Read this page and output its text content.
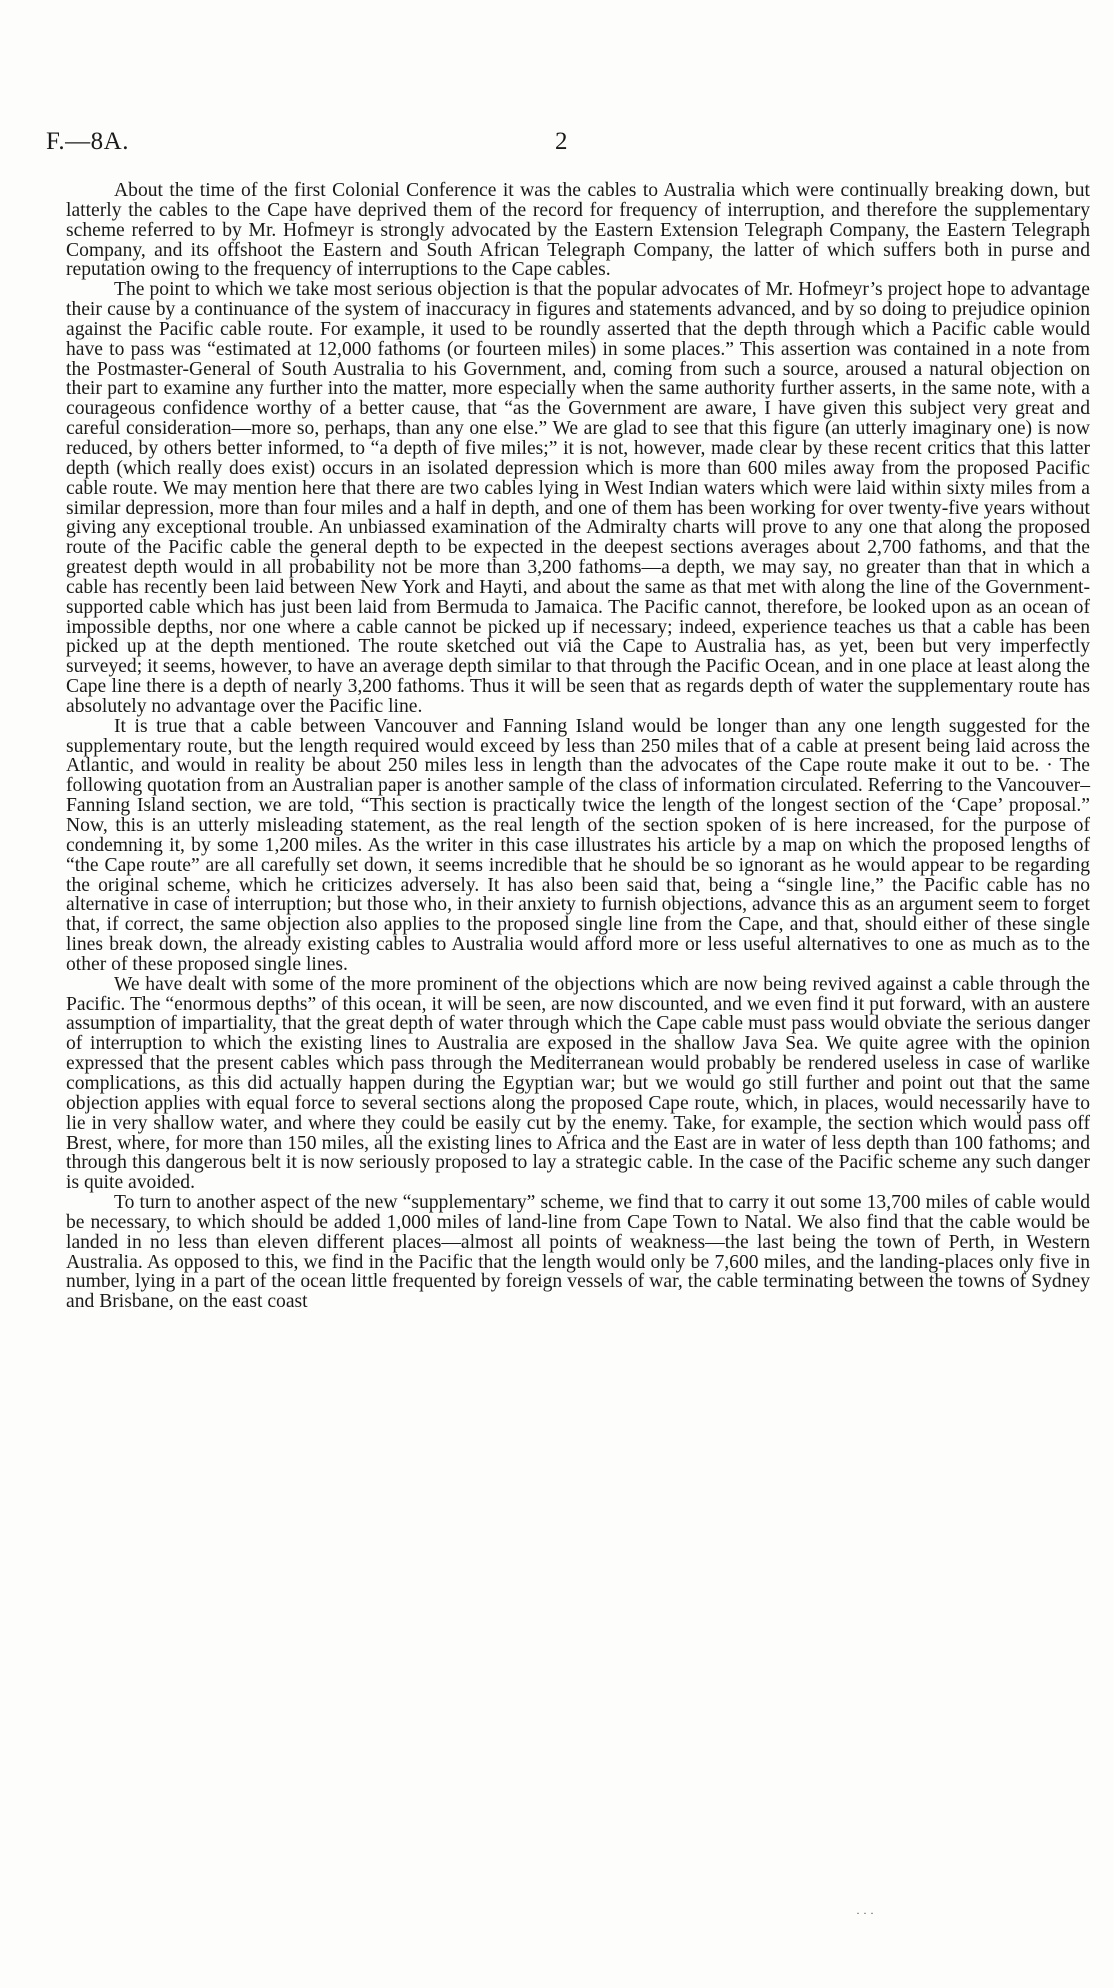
F.—8A.	2

About the time of the first Colonial Conference it was the cables to Australia which were continually breaking down, but latterly the cables to the Cape have deprived them of the record for frequency of interruption, and therefore the supplementary scheme referred to by Mr. Hofmeyr is strongly advocated by the Eastern Extension Telegraph Company, the Eastern Telegraph Company, and its offshoot the Eastern and South African Telegraph Company, the latter of which suffers both in purse and reputation owing to the frequency of interruptions to the Cape cables.

The point to which we take most serious objection is that the popular advocates of Mr. Hofmeyr’s project hope to advantage their cause by a continuance of the system of inaccuracy in figures and statements advanced, and by so doing to prejudice opinion against the Pacific cable route. For example, it used to be roundly asserted that the depth through which a Pacific cable would have to pass was “estimated at 12,000 fathoms (or fourteen miles) in some places.” This assertion was contained in a note from the Postmaster-General of South Australia to his Government, and, coming from such a source, aroused a natural objection on their part to examine any further into the matter, more especially when the same authority further asserts, in the same note, with a courageous confidence worthy of a better cause, that “as the Government are aware, I have given this subject very great and careful consideration—more so, perhaps, than any one else.” We are glad to see that this figure (an utterly imaginary one) is now reduced, by others better informed, to “a depth of five miles;” it is not, however, made clear by these recent critics that this latter depth (which really does exist) occurs in an isolated depression which is more than 600 miles away from the proposed Pacific cable route. We may mention here that there are two cables lying in West Indian waters which were laid within sixty miles from a similar depression, more than four miles and a half in depth, and one of them has been working for over twenty-five years without giving any exceptional trouble. An unbiassed examination of the Admiralty charts will prove to any one that along the proposed route of the Pacific cable the general depth to be expected in the deepest sections averages about 2,700 fathoms, and that the greatest depth would in all probability not be more than 3,200 fathoms—a depth, we may say, no greater than that in which a cable has recently been laid between New York and Hayti, and about the same as that met with along the line of the Government-supported cable which has just been laid from Bermuda to Jamaica. The Pacific cannot, therefore, be looked upon as an ocean of impossible depths, nor one where a cable cannot be picked up if necessary; indeed, experience teaches us that a cable has been picked up at the depth mentioned. The route sketched out viâ the Cape to Australia has, as yet, been but very imperfectly surveyed; it seems, however, to have an average depth similar to that through the Pacific Ocean, and in one place at least along the Cape line there is a depth of nearly 3,200 fathoms. Thus it will be seen that as regards depth of water the supplementary route has absolutely no advantage over the Pacific line.

It is true that a cable between Vancouver and Fanning Island would be longer than any one length suggested for the supplementary route, but the length required would exceed by less than 250 miles that of a cable at present being laid across the Atlantic, and would in reality be about 250 miles less in length than the advocates of the Cape route make it out to be. · The following quotation from an Australian paper is another sample of the class of information circulated. Referring to the Vancouver–Fanning Island section, we are told, “This section is practically twice the length of the longest section of the ‘Cape’ proposal.” Now, this is an utterly misleading statement, as the real length of the section spoken of is here increased, for the purpose of condemning it, by some 1,200 miles. As the writer in this case illustrates his article by a map on which the proposed lengths of “the Cape route” are all carefully set down, it seems incredible that he should be so ignorant as he would appear to be regarding the original scheme, which he criticizes adversely. It has also been said that, being a “single line,” the Pacific cable has no alternative in case of interruption; but those who, in their anxiety to furnish objections, advance this as an argument seem to forget that, if correct, the same objection also applies to the proposed single line from the Cape, and that, should either of these single lines break down, the already existing cables to Australia would afford more or less useful alternatives to one as much as to the other of these proposed single lines.

We have dealt with some of the more prominent of the objections which are now being revived against a cable through the Pacific. The “enormous depths” of this ocean, it will be seen, are now discounted, and we even find it put forward, with an austere assumption of impartiality, that the great depth of water through which the Cape cable must pass would obviate the serious danger of interruption to which the existing lines to Australia are exposed in the shallow Java Sea. We quite agree with the opinion expressed that the present cables which pass through the Mediterranean would probably be rendered useless in case of warlike complications, as this did actually happen during the Egyptian war; but we would go still further and point out that the same objection applies with equal force to several sections along the proposed Cape route, which, in places, would necessarily have to lie in very shallow water, and where they could be easily cut by the enemy. Take, for example, the section which would pass off Brest, where, for more than 150 miles, all the existing lines to Africa and the East are in water of less depth than 100 fathoms; and through this dangerous belt it is now seriously proposed to lay a strategic cable. In the case of the Pacific scheme any such danger is quite avoided.

To turn to another aspect of the new “supplementary” scheme, we find that to carry it out some 13,700 miles of cable would be necessary, to which should be added 1,000 miles of land-line from Cape Town to Natal. We also find that the cable would be landed in no less than eleven different places—almost all points of weakness—the last being the town of Perth, in Western Australia. As opposed to this, we find in the Pacific that the length would only be 7,600 miles, and the landing-places only five in number, lying in a part of the ocean little frequented by foreign vessels of war, the cable terminating between the towns of Sydney and Brisbane, on the east coast

· · ·
